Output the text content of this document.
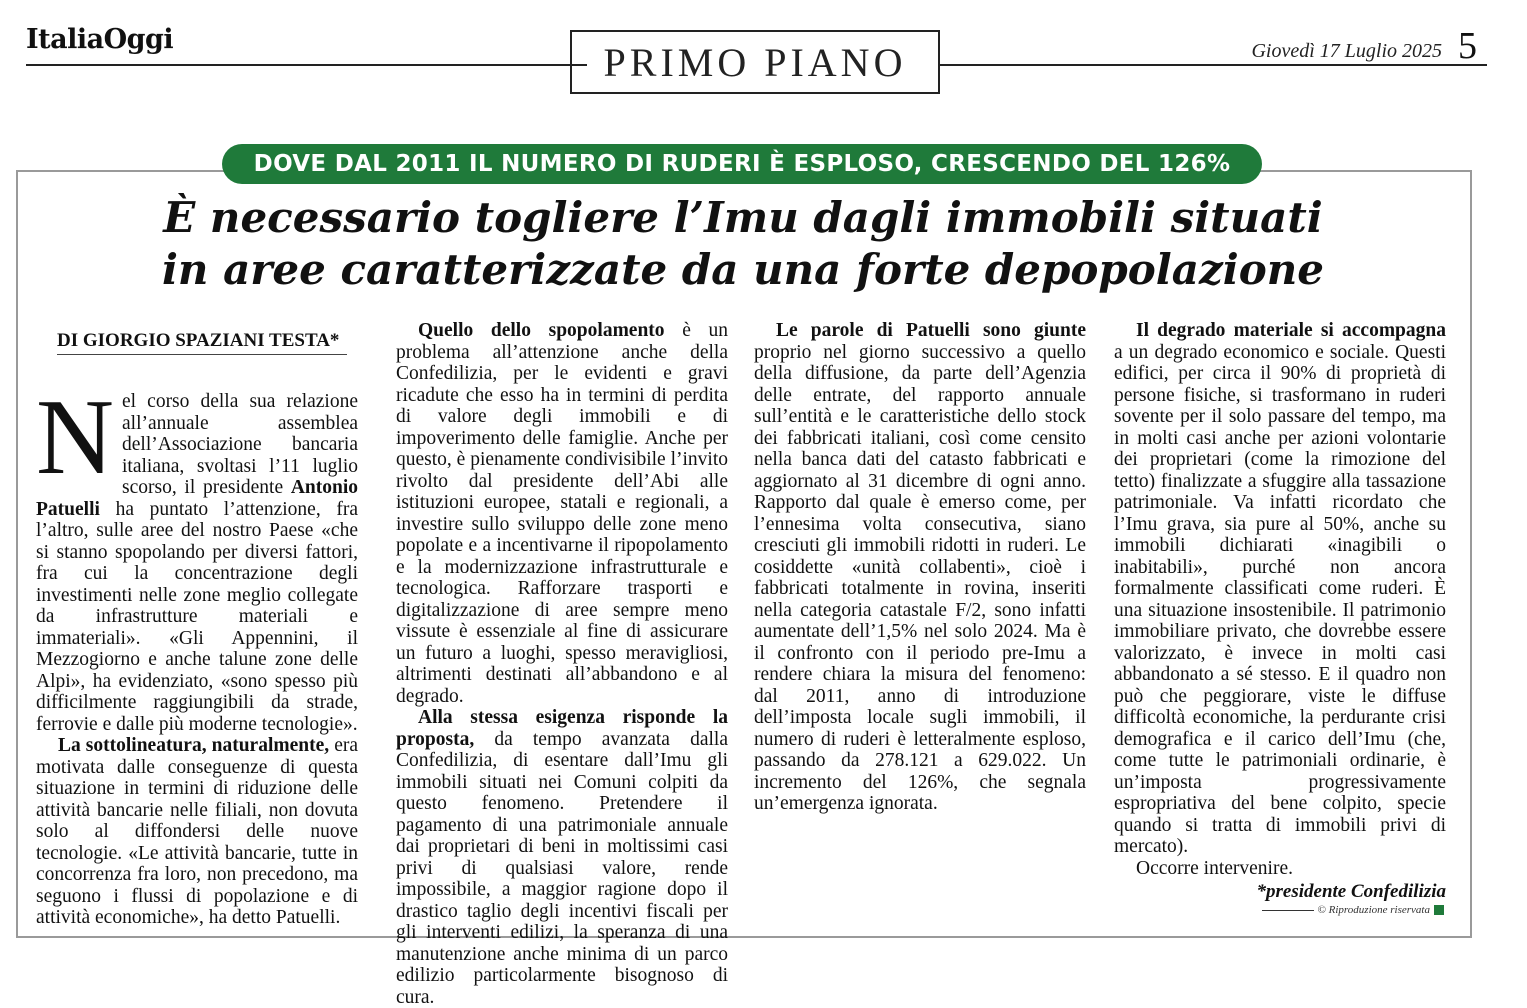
ItaliaOggi	PRIMO PIANO	Giovedì 17 Luglio 2025 5
DOVE DAL 2011 IL NUMERO DI RUDERI È ESPLOSO, CRESCENDO DEL 126%
È necessario togliere l’Imu dagli immobili situati
in aree caratterizzate da una forte depopolazione
DI GIORGIO SPAZIANI TESTA*

Nel corso della sua relazione all’annuale assemblea dell’Associazione bancaria italiana, svoltasi l’11 luglio scorso, il presidente Antonio Patuelli ha puntato l’attenzione, fra l’altro, sulle aree del nostro Paese «che si stanno spopolando per diversi fattori, fra cui la concentrazione degli investimenti nelle zone meglio collegate da infrastrutture materiali e immateriali». «Gli Appennini, il Mezzogiorno e anche talune zone delle Alpi», ha evidenziato, «sono spesso più difficilmente raggiungibili da strade, ferrovie e dalle più moderne tecnologie».

La sottolineatura, naturalmente, era motivata dalle conseguenze di questa situazione in termini di riduzione delle attività bancarie nelle filiali, non dovuta solo al diffondersi delle nuove tecnologie. «Le attività bancarie, tutte in concorrenza fra loro, non precedono, ma seguono i flussi di popolazione e di attività economiche», ha detto Patuelli.

Quello dello spopolamento è un problema all’attenzione anche della Confedilizia, per le evidenti e gravi ricadute che esso ha in termini di perdita di valore degli immobili e di impoverimento delle famiglie. Anche per questo, è pienamente condivisibile l’invito rivolto dal presidente dell’Abi alle istituzioni europee, statali e regionali, a investire sullo sviluppo delle zone meno popolate e a incentivarne il ripopolamento e la modernizzazione infrastrutturale e tecnologica. Rafforzare trasporti e digitalizzazione di aree sempre meno vissute è essenziale al fine di assicurare un futuro a luoghi, spesso meravigliosi, altrimenti destinati all’abbandono e al degrado.

Alla stessa esigenza risponde la proposta, da tempo avanzata dalla Confedilizia, di esentare dall’Imu gli immobili situati nei Comuni colpiti da questo fenomeno. Pretendere il pagamento di una patrimoniale annuale dai proprietari di beni in moltissimi casi privi di qualsiasi valore, rende impossibile, a maggior ragione dopo il drastico taglio degli incentivi fiscali per gli interventi edilizi, la speranza di una manutenzione anche minima di un parco edilizio particolarmente bisognoso di cura.

Le parole di Patuelli sono giunte proprio nel giorno successivo a quello della diffusione, da parte dell’Agenzia delle entrate, del rapporto annuale sull’entità e le caratteristiche dello stock dei fabbricati italiani, così come censito nella banca dati del catasto fabbricati e aggiornato al 31 dicembre di ogni anno. Rapporto dal quale è emerso come, per l’ennesima volta consecutiva, siano cresciuti gli immobili ridotti in ruderi. Le cosiddette «unità collabenti», cioè i fabbricati totalmente in rovina, inseriti nella categoria catastale F/2, sono infatti aumentate dell’1,5% nel solo 2024. Ma è il confronto con il periodo pre-Imu a rendere chiara la misura del fenomeno: dal 2011, anno di introduzione dell’imposta locale sugli immobili, il numero di ruderi è letteralmente esploso, passando da 278.121 a 629.022. Un incremento del 126%, che segnala un’emergenza ignorata.

Il degrado materiale si accompagna a un degrado economico e sociale. Questi edifici, per circa il 90% di proprietà di persone fisiche, si trasformano in ruderi sovente per il solo passare del tempo, ma in molti casi anche per azioni volontarie dei proprietari (come la rimozione del tetto) finalizzate a sfuggire alla tassazione patrimoniale. Va infatti ricordato che l’Imu grava, sia pure al 50%, anche su immobili dichiarati «inagibili o inabitabili», purché non ancora formalmente classificati come ruderi. È una situazione insostenibile. Il patrimonio immobiliare privato, che dovrebbe essere valorizzato, è invece in molti casi abbandonato a sé stesso. E il quadro non può che peggiorare, viste le diffuse difficoltà economiche, la perdurante crisi demografica e il carico dell’Imu (che, come tutte le patrimoniali ordinarie, è un’imposta progressivamente espropriativa del bene colpito, specie quando si tratta di immobili privi di mercato).

Occorre intervenire.

*presidente Confedilizia
© Riproduzione riservata
